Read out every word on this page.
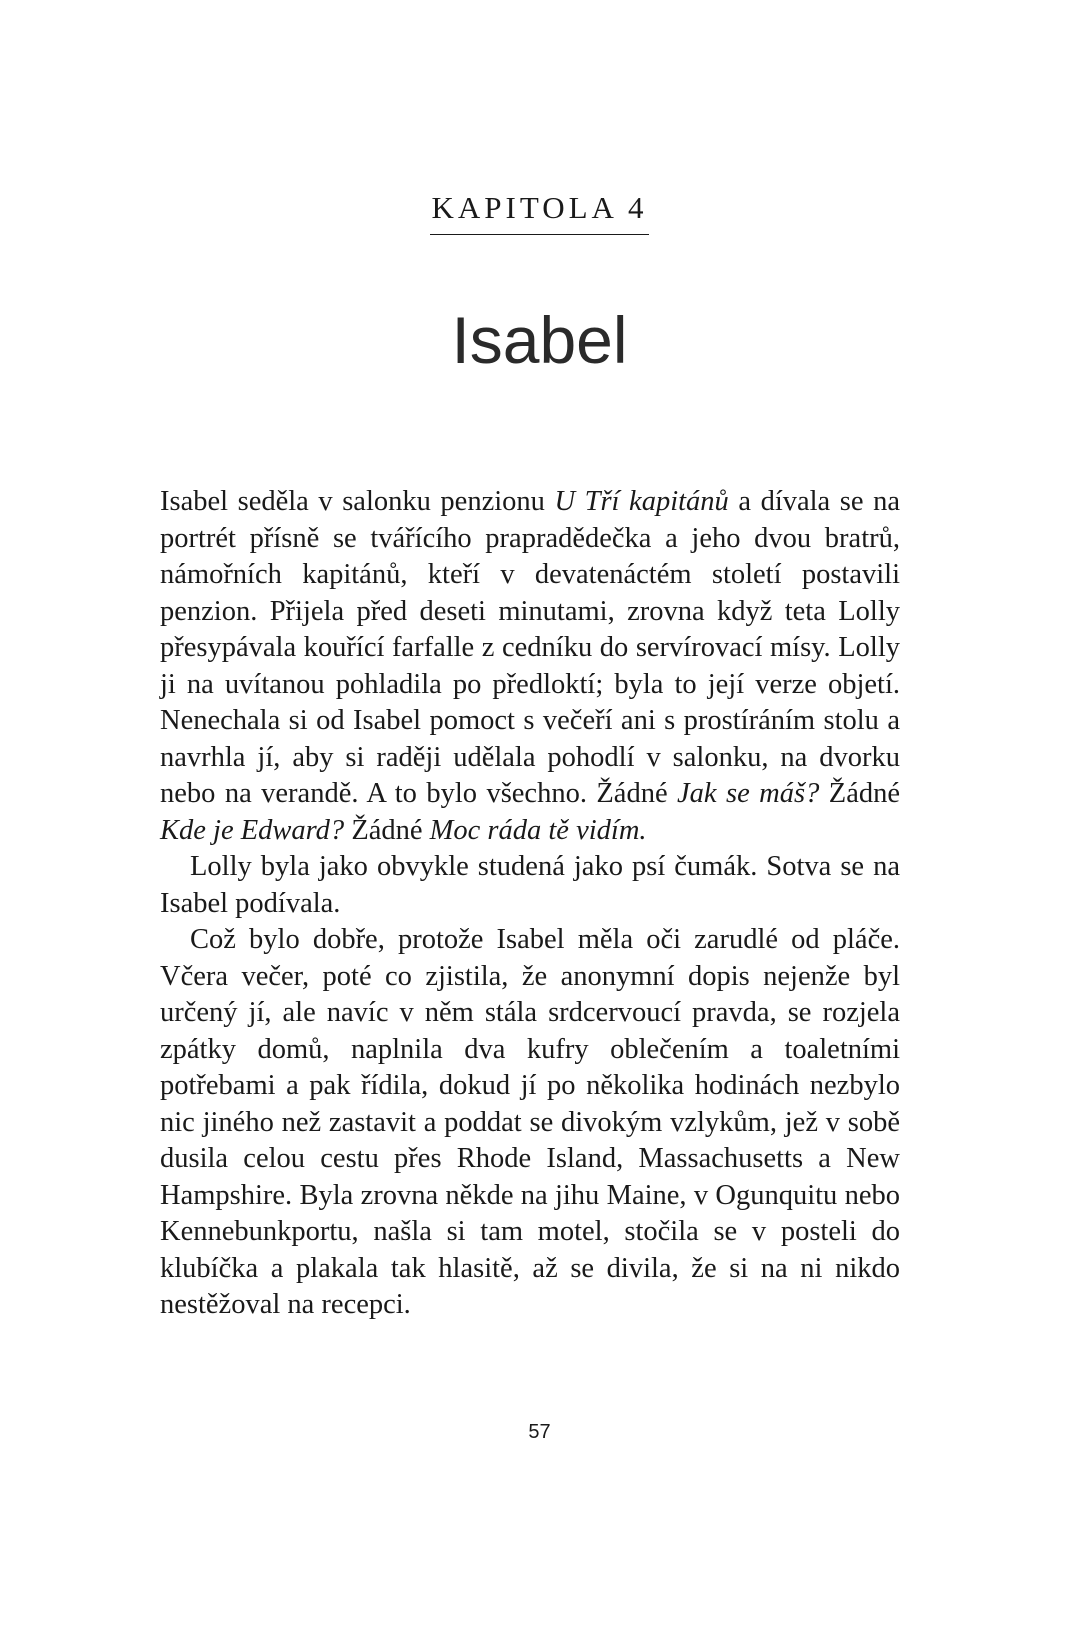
KAPITOLA 4
Isabel

Isabel seděla v salonku penzionu U Tří kapitánů a dívala se na portrét přísně se tvářícího prapradědečka a jeho dvou bratrů, námořních kapitánů, kteří v devatenáctém století postavili penzion. Přijela před deseti minutami, zrovna když teta Lolly přesypávala kouřící farfalle z cedníku do servírovací mísy. Lolly ji na uvítanou pohladila po předloktí; byla to její verze objetí. Nenechala si od Isabel pomoct s večeří ani s prostíráním stolu a navrhla jí, aby si raději udělala pohodlí v salonku, na dvorku nebo na verandě. A to bylo všechno. Žádné Jak se máš? Žádné Kde je Edward? Žádné Moc ráda tě vidím.

Lolly byla jako obvykle studená jako psí čumák. Sotva se na Isabel podívala.

Což bylo dobře, protože Isabel měla oči zarudlé od pláče. Včera večer, poté co zjistila, že anonymní dopis nejenže byl určený jí, ale navíc v něm stála srdcervoucí pravda, se rozjela zpátky domů, naplnila dva kufry oblečením a toaletními potřebami a pak řídila, dokud jí po několika hodinách nezbylo nic jiného než zastavit a poddat se divokým vzlykům, jež v sobě dusila celou cestu přes Rhode Island, Massachusetts a New Hampshire. Byla zrovna někde na jihu Maine, v Ogunquitu nebo Kennebunkportu, našla si tam motel, stočila se v posteli do klubíčka a plakala tak hlasitě, až se divila, že si na ni nikdo nestěžoval na recepci.

57
